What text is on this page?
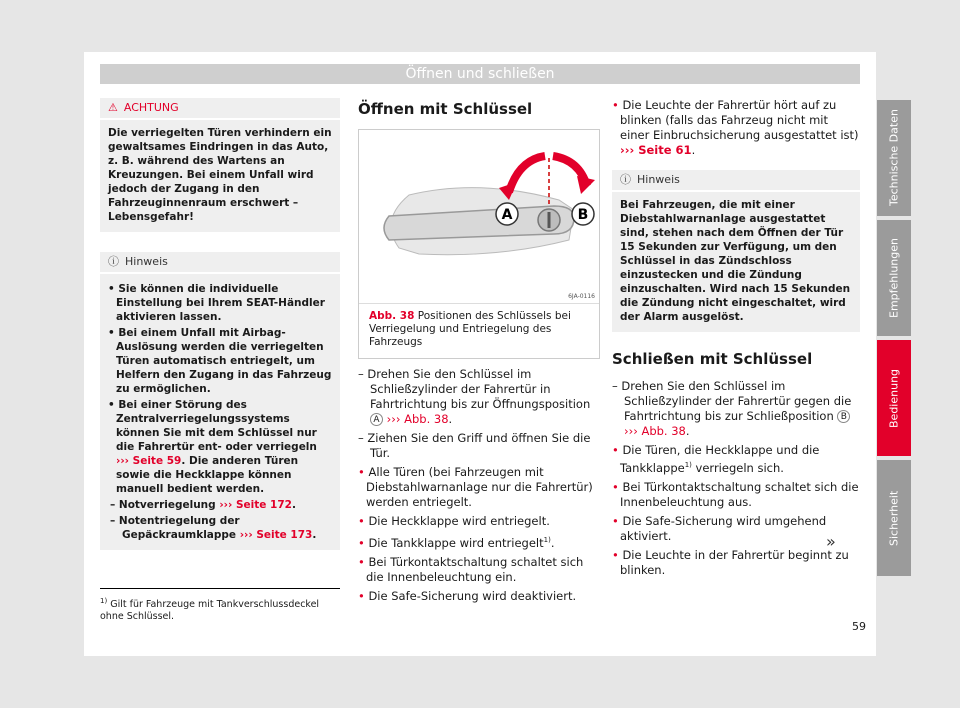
Öffnen und schließen
⚠ ACHTUNG
Die verriegelten Türen verhindern ein gewaltsames Eindringen in das Auto, z. B. während des Wartens an Kreuzungen. Bei einem Unfall wird jedoch der Zugang in den Fahrzeuginnenraum erschwert – Lebensgefahr!
ⓘ Hinweis
• Sie können die individuelle Einstellung bei Ihrem SEAT-Händler aktivieren lassen.
• Bei einem Unfall mit Airbag-Auslösung werden die verriegelten Türen automatisch entriegelt, um Helfern den Zugang in das Fahrzeug zu ermöglichen.
• Bei einer Störung des Zentralverriegelungssystems können Sie mit dem Schlüssel nur die Fahrertür ent- oder verriegeln ››› Seite 59. Die anderen Türen sowie die Heckklappe können manuell bedient werden.
– Notverriegelung ››› Seite 172.
– Notentriegelung der Gepäckraumklappe ››› Seite 173.
Öffnen mit Schlüssel
A	B
6JA-0116
Abb. 38 Positionen des Schlüssels bei Verriegelung und Entriegelung des Fahrzeugs
– Drehen Sie den Schlüssel im Schließzylinder der Fahrertür in Fahrtrichtung bis zur Öffnungsposition A ››› Abb. 38.
– Ziehen Sie den Griff und öffnen Sie die Tür.
• Alle Türen (bei Fahrzeugen mit Diebstahlwarnanlage nur die Fahrertür) werden entriegelt.
• Die Heckklappe wird entriegelt.
• Die Tankklappe wird entriegelt$^{1)}$.
• Bei Türkontaktschaltung schaltet sich die Innenbeleuchtung ein.
• Die Safe-Sicherung wird deaktiviert.
• Die Leuchte der Fahrertür hört auf zu blinken (falls das Fahrzeug nicht mit einer Einbruchsicherung ausgestattet ist) ››› Seite 61.
ⓘ Hinweis
Bei Fahrzeugen, die mit einer Diebstahlwarnanlage ausgestattet sind, stehen nach dem Öffnen der Tür 15 Sekunden zur Verfügung, um den Schlüssel in das Zündschloss einzustecken und die Zündung einzuschalten. Wird nach 15 Sekunden die Zündung nicht eingeschaltet, wird der Alarm ausgelöst.
Schließen mit Schlüssel
– Drehen Sie den Schlüssel im Schließzylinder der Fahrertür gegen die Fahrtrichtung bis zur Schließposition B ››› Abb. 38.
• Die Türen, die Heckklappe und die Tankklappe$^{1)}$ verriegeln sich.
• Bei Türkontaktschaltung schaltet sich die Innenbeleuchtung aus.
• Die Safe-Sicherung wird umgehend aktiviert.
• Die Leuchte in der Fahrertür beginnt zu blinken.
»
Technische Daten
Empfehlungen
Bedienung
Sicherheit
$^{1)}$ Gilt für Fahrzeuge mit Tankverschlussdeckel ohne Schlüssel.
59
